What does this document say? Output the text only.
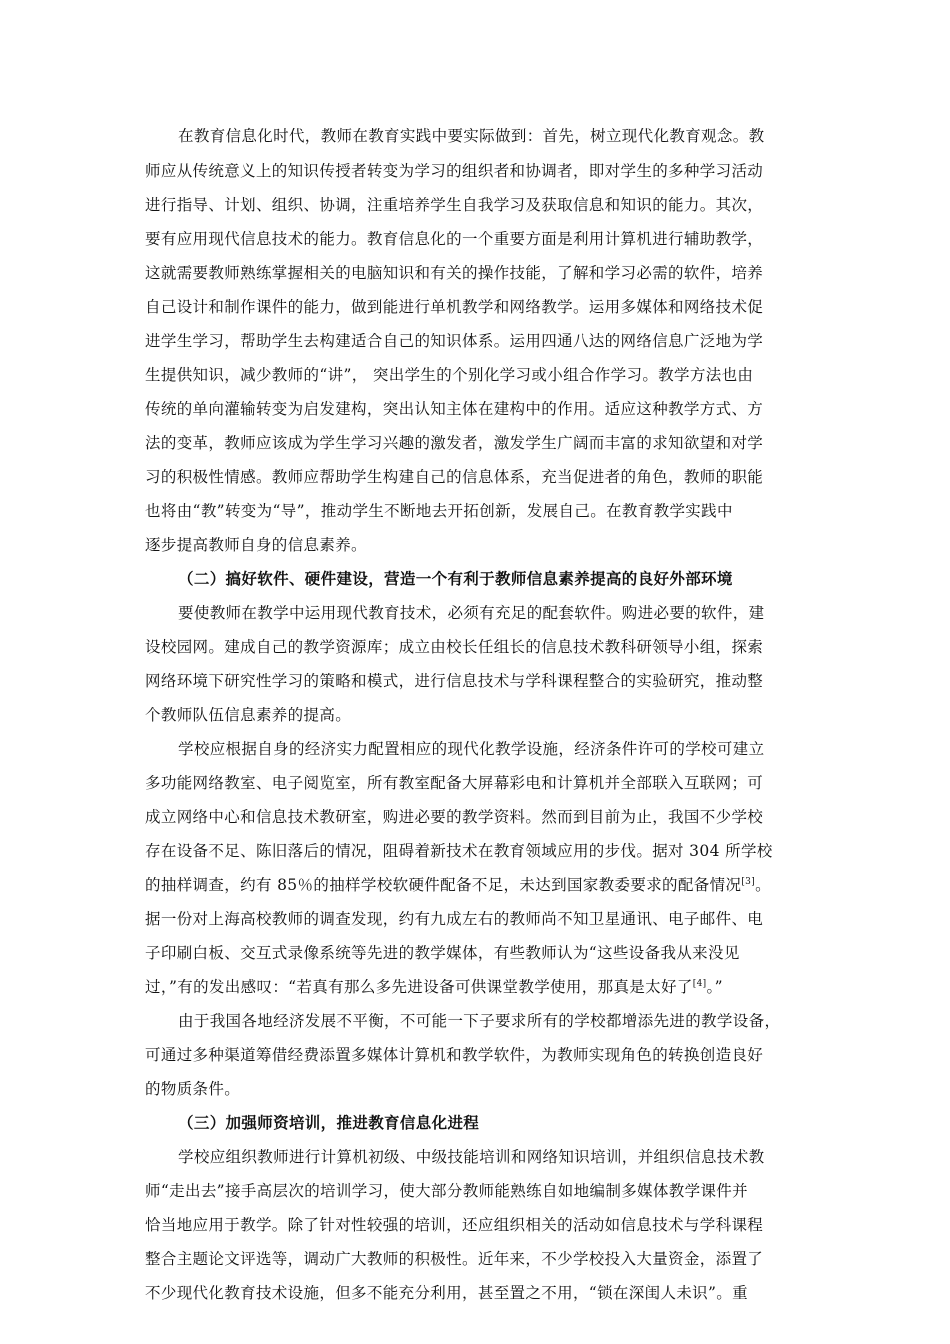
在教育信息化时代，教师在教育实践中要实际做到：首先，树立现代化教育观念。教
师应从传统意义上的知识传授者转变为学习的组织者和协调者，即对学生的多种学习活动
进行指导、计划、组织、协调，注重培养学生自我学习及获取信息和知识的能力。其次，
要有应用现代信息技术的能力。教育信息化的一个重要方面是利用计算机进行辅助教学，
这就需要教师熟练掌握相关的电脑知识和有关的操作技能，了解和学习必需的软件，培养
自己设计和制作课件的能力，做到能进行单机教学和网络教学。运用多媒体和网络技术促
进学生学习，帮助学生去构建适合自己的知识体系。运用四通八达的网络信息广泛地为学
生提供知识，减少教师的“讲”， 突出学生的个别化学习或小组合作学习。教学方法也由
传统的单向灌输转变为启发建构，突出认知主体在建构中的作用。适应这种教学方式、方
法的变革，教师应该成为学生学习兴趣的激发者，激发学生广阔而丰富的求知欲望和对学
习的积极性情感。教师应帮助学生构建自己的信息体系，充当促进者的角色，教师的职能
也将由“教”转变为“导”，推动学生不断地去开拓创新，发展自己。在教育教学实践中
逐步提高教师自身的信息素养。
（二）搞好软件、硬件建设，营造一个有利于教师信息素养提高的良好外部环境
要使教师在教学中运用现代教育技术，必须有充足的配套软件。购进必要的软件，建
设校园网。建成自己的教学资源库；成立由校长任组长的信息技术教科研领导小组，探索
网络环境下研究性学习的策略和模式，进行信息技术与学科课程整合的实验研究，推动整
个教师队伍信息素养的提高。
学校应根据自身的经济实力配置相应的现代化教学设施，经济条件许可的学校可建立
多功能网络教室、电子阅览室，所有教室配备大屏幕彩电和计算机并全部联入互联网；可
成立网络中心和信息技术教研室，购进必要的教学资料。然而到目前为止，我国不少学校
存在设备不足、陈旧落后的情况，阻碍着新技术在教育领域应用的步伐。据对 304 所学校
的抽样调查，约有 85％的抽样学校软硬件配备不足，未达到国家教委要求的配备情况[3]。
据一份对上海高校教师的调查发现，约有九成左右的教师尚不知卫星通讯、电子邮件、电
子印刷白板、交互式录像系统等先进的教学媒体，有些教师认为“这些设备我从来没见
过，”有的发出感叹：“若真有那么多先进设备可供课堂教学使用，那真是太好了[4]。”
由于我国各地经济发展不平衡，不可能一下子要求所有的学校都增添先进的教学设备，
可通过多种渠道筹借经费添置多媒体计算机和教学软件，为教师实现角色的转换创造良好
的物质条件。
（三）加强师资培训，推进教育信息化进程
学校应组织教师进行计算机初级、中级技能培训和网络知识培训，并组织信息技术教
师“走出去”接手高层次的培训学习，使大部分教师能熟练自如地编制多媒体教学课件并
恰当地应用于教学。除了针对性较强的培训，还应组织相关的活动如信息技术与学科课程
整合主题论文评选等，调动广大教师的积极性。近年来，不少学校投入大量资金，添置了
不少现代化教育技术设施，但多不能充分利用，甚至置之不用，“锁在深闺人未识”。重
